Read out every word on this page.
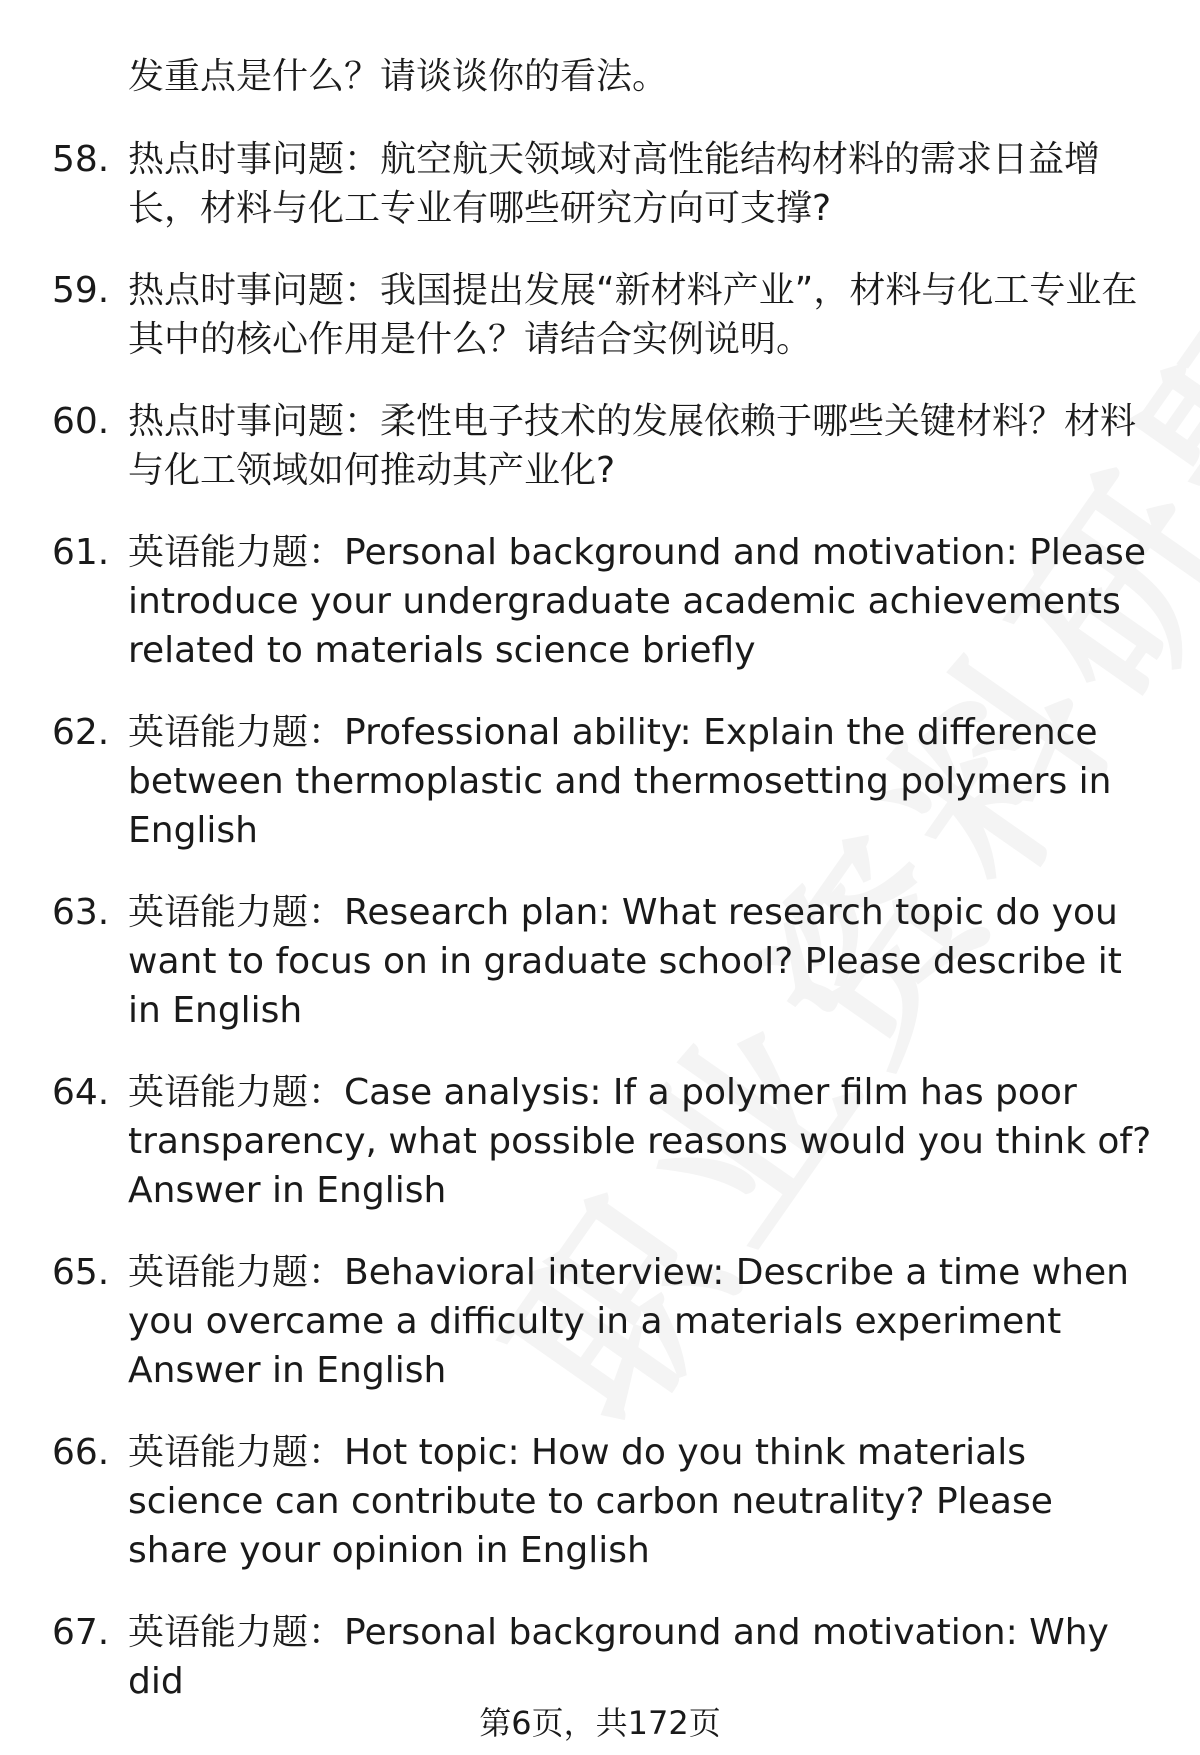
发重点是什么？请谈谈你的看法。
58. 热点时事问题：航空航天领域对高性能结构材料的需求日益增长，材料与化工专业有哪些研究方向可支撑?
59. 热点时事问题：我国提出发展“新材料产业”，材料与化工专业在其中的核心作用是什么？请结合实例说明。
60. 热点时事问题：柔性电子技术的发展依赖于哪些关键材料？材料与化工领域如何推动其产业化?
61. 英语能力题：Personal background and motivation: Please introduce your undergraduate academic achievements related to materials science briefly
62. 英语能力题：Professional ability: Explain the difference between thermoplastic and thermosetting polymers in English
63. 英语能力题：Research plan: What research topic do you want to focus on in graduate school? Please describe it in English
64. 英语能力题：Case analysis: If a polymer film has poor transparency, what possible reasons would you think of? Answer in English
65. 英语能力题：Behavioral interview: Describe a time when you overcame a difficulty in a materials experiment Answer in English
66. 英语能力题：Hot topic: How do you think materials science can contribute to carbon neutrality? Please share your opinion in English
67. 英语能力题：Personal background and motivation: Why did
第6页，共172页
